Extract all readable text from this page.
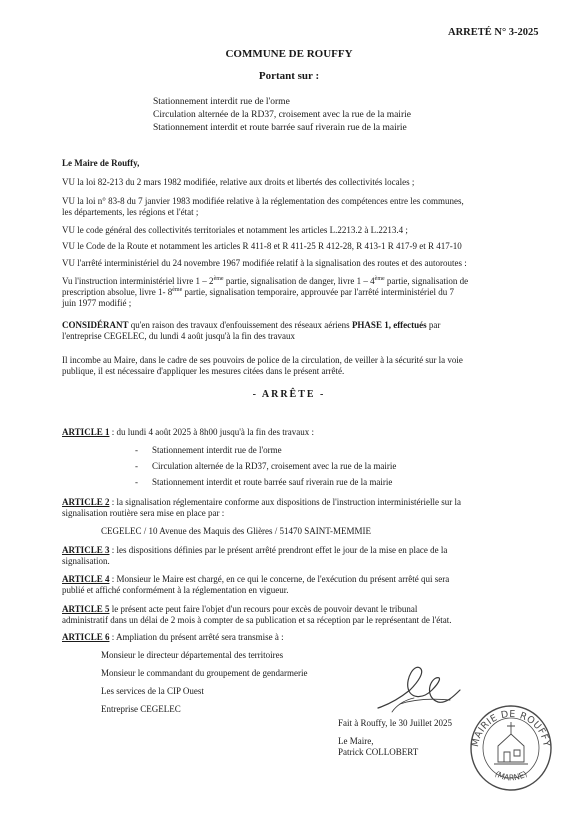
ARRETÉ N° 3-2025
COMMUNE DE ROUFFY
Portant sur :
Stationnement interdit rue de l'orme
Circulation alternée de la RD37, croisement avec la rue de la mairie
Stationnement interdit et route barrée sauf riverain rue de la mairie
Le Maire de Rouffy,
VU la loi 82-213 du 2 mars 1982 modifiée, relative aux droits et libertés des collectivités locales ;
VU la loi n° 83-8 du 7 janvier 1983 modifiée relative à la réglementation des compétences entre les communes,
les départements, les régions et l'état ;
VU le code général des collectivités territoriales et notamment les articles L.2213.2 à L.2213.4 ;
VU le Code de la Route et notamment les articles R 411-8 et R 411-25 R 412-28, R 413-1 R 417-9 et R 417-10
VU l'arrêté interministériel du 24 novembre 1967 modifiée relatif à la signalisation des routes et des autoroutes :
Vu l'instruction interministériel livre 1 – 2ème partie, signalisation de danger, livre 1 – 4ème partie, signalisation de
prescription absolue, livre 1- 8ème partie, signalisation temporaire, approuvée par l'arrêté interministériel du 7
juin 1977 modifié ;
CONSIDÉRANT qu'en raison des travaux d'enfouissement des réseaux aériens PHASE 1, effectués par
l'entreprise CEGELEC, du lundi 4 août jusqu'à la fin des travaux
Il incombe au Maire, dans le cadre de ses pouvoirs de police de la circulation, de veiller à la sécurité sur la voie
publique, il est nécessaire d'appliquer les mesures citées dans le présent arrêté.
- ARRÊTE -
ARTICLE 1 : du lundi 4 août 2025 à 8h00 jusqu'à la fin des travaux :
- Stationnement interdit rue de l'orme
- Circulation alternée de la RD37, croisement avec la rue de la mairie
- Stationnement interdit et route barrée sauf riverain rue de la mairie
ARTICLE 2 : la signalisation réglementaire conforme aux dispositions de l'instruction interministérielle sur la
signalisation routière sera mise en place par :
CEGELEC / 10 Avenue des Maquis des Glières / 51470 SAINT-MEMMIE
ARTICLE 3 : les dispositions définies par le présent arrêté prendront effet le jour de la mise en place de la
signalisation.
ARTICLE 4 : Monsieur le Maire est chargé, en ce qui le concerne, de l'exécution du présent arrêté qui sera
publié et affiché conformément à la réglementation en vigueur.
ARTICLE 5 le présent acte peut faire l'objet d'un recours pour excès de pouvoir devant le tribunal
administratif dans un délai de 2 mois à compter de sa publication et sa réception par le représentant de l'état.
ARTICLE 6 : Ampliation du présent arrêté sera transmise à :
Monsieur le directeur départemental des territoires
Monsieur le commandant du groupement de gendarmerie
Les services de la CIP Ouest
Entreprise CEGELEC
Fait à Rouffy, le 30 Juillet 2025
Le Maire,
Patrick COLLOBERT
MAIRIE DE ROUFFY
(MARNE)
